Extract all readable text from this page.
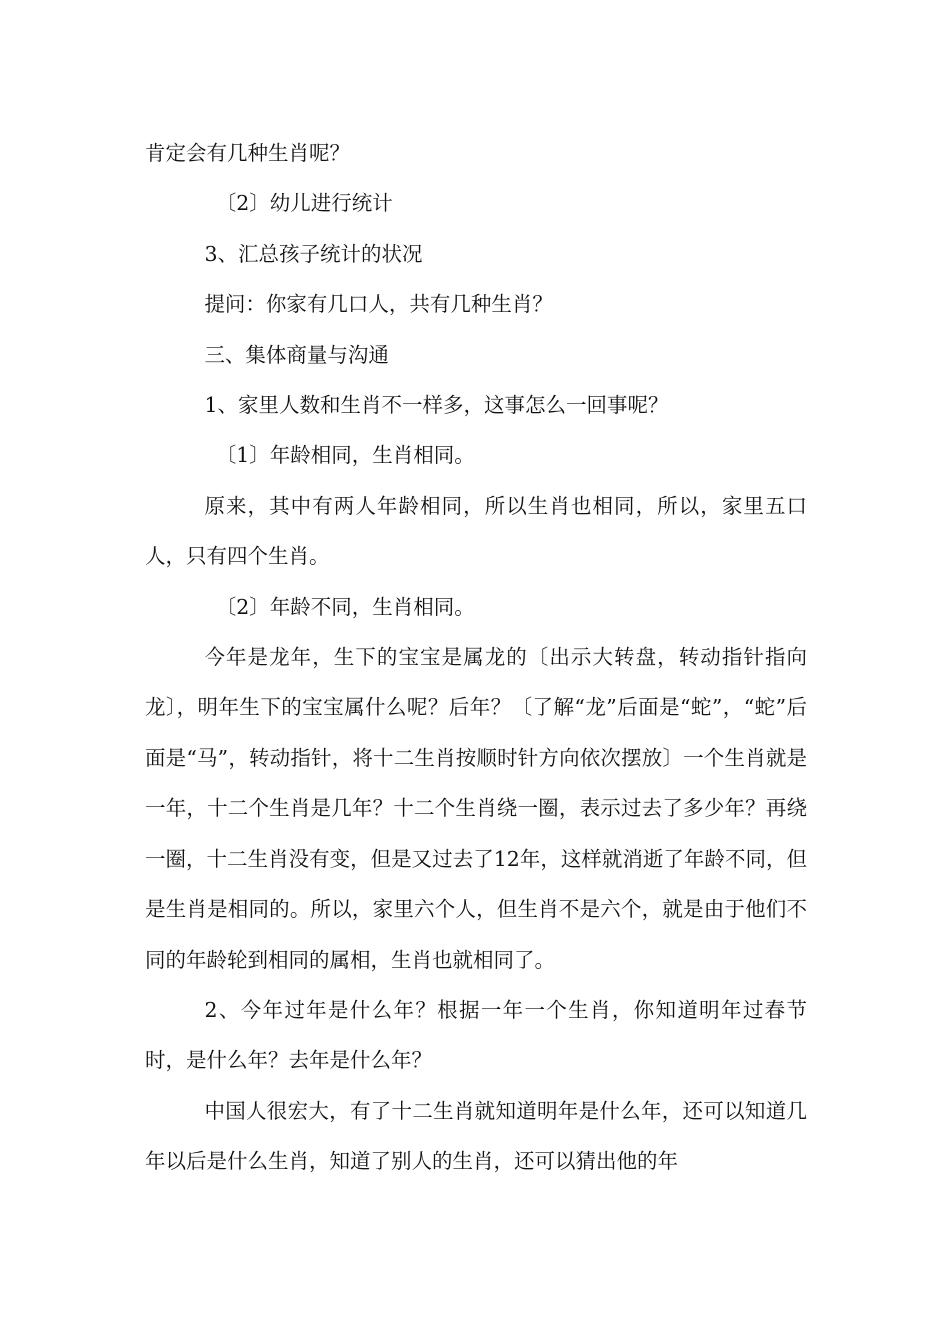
肯定会有几种生肖呢？

〔2〕幼儿进行统计

3、汇总孩子统计的状况

提问：你家有几口人，共有几种生肖？

三、集体商量与沟通

1、家里人数和生肖不一样多，这事怎么一回事呢？

〔1〕年龄相同，生肖相同。

原来，其中有两人年龄相同，所以生肖也相同，所以，家里五口人，只有四个生肖。

〔2〕年龄不同，生肖相同。

今年是龙年，生下的宝宝是属龙的〔出示大转盘，转动指针指向龙〕，明年生下的宝宝属什么呢？后年？〔了解“龙”后面是“蛇”，“蛇”后面是“马”，转动指针，将十二生肖按顺时针方向依次摆放〕一个生肖就是一年，十二个生肖是几年？十二个生肖绕一圈，表示过去了多少年？再绕一圈，十二生肖没有变，但是又过去了12年，这样就消逝了年龄不同，但是生肖是相同的。所以，家里六个人，但生肖不是六个，就是由于他们不同的年龄轮到相同的属相，生肖也就相同了。

2、今年过年是什么年？根据一年一个生肖，你知道明年过春节时，是什么年？去年是什么年？

中国人很宏大，有了十二生肖就知道明年是什么年，还可以知道几年以后是什么生肖，知道了别人的生肖，还可以猜出他的年
